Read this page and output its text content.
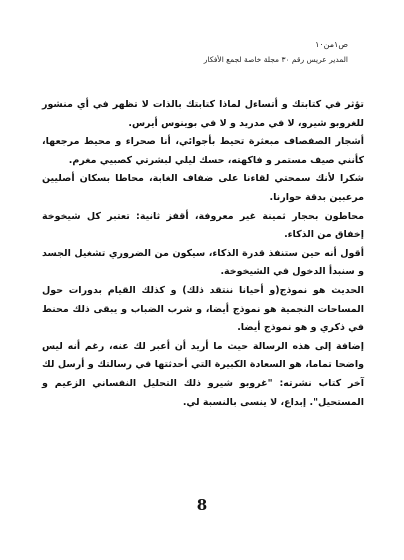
ص١من١٠
المدير عريس رقم ٣٠ مجلة خاصة لجمع الأفكار

تؤثر في كتابتك و أتساءل لماذا كتابتك بالذات لا تظهر في أي منشور للغروبو شيرو، لا في مدريد و لا في بوينوس أيرس.

أشجار الصفصاف مبعثرة تحيط بأجوائي، أنا صحراء و محيط مرجعها، كأنني صيف مستمر و فاكهته، حسك ليلي لبشرتي كصبيي مغرم.

شكرا لأنك سمحتي لقاءنا على ضفاف الغابة، محاطا بسكان أصليين مرعبين بدقة حوارنا.

محاطون بحجار ثمينة غير معروفة، أقفز ثانية: تعتبر كل شيخوخة إخفاق من الذكاء.

أقول أنه حين ستنفذ قدرة الذكاء، سيكون من الضروري تشغيل الجسد و سنبدأ الدخول في الشيخوخة.

الحديث هو نموذج(و أحيانا ننتقد ذلك) و كذلك القيام بدورات حول المساحات النجمية هو نموذج أيضا، و شرب الضباب و يبقى ذلك محنط في ذكري و هو نموذج أيضا.

إضافة إلى هذه الرسالة حيث ما أريد أن أعبر لك عنه، رغم أنه ليس واضحا تماما، هو السعادة الكبيرة التي أحدثتها في رسالتك و أرسل لك آخر كتاب نشرته: "غروبو شيرو ذلك التحليل النفساني الزعيم و المستحيل". إبداع، لا ينسى بالنسبة لي.

8
